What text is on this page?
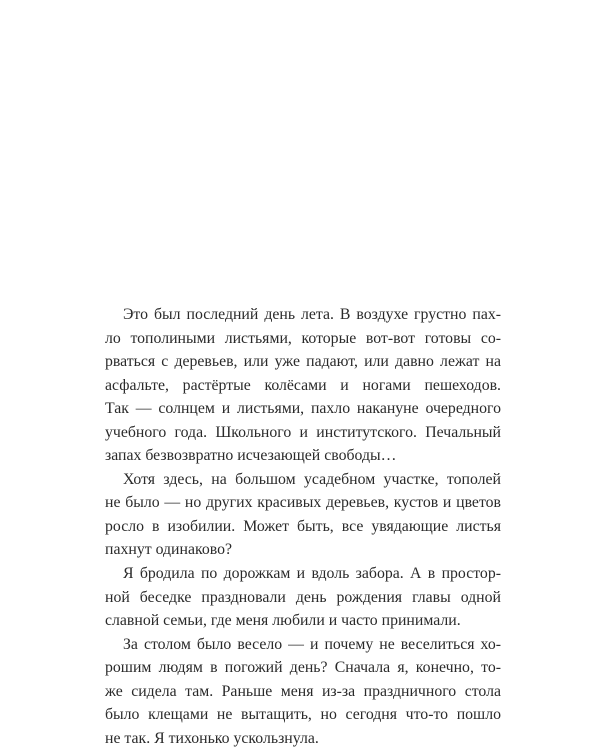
Это был последний день лета. В воздухе грустно пах-
ло тополиными листьями, которые вот-вот готовы со-
рваться с деревьев, или уже падают, или давно лежат на
асфальте, растёртые колёсами и ногами пешеходов.
Так — солнцем и листьями, пахло накануне очередного
учебного года. Школьного и институтского. Печальный
запах безвозвратно исчезающей свободы…
Хотя здесь, на большом усадебном участке, тополей
не было — но других красивых деревьев, кустов и цветов
росло в изобилии. Может быть, все увядающие листья
пахнут одинаково?
Я бродила по дорожкам и вдоль забора. А в простор-
ной беседке праздновали день рождения главы одной
славной семьи, где меня любили и часто принимали.
За столом было весело — и почему не веселиться хо-
рошим людям в погожий день? Сначала я, конечно, то-
же сидела там. Раньше меня из-за праздничного стола
было клещами не вытащить, но сегодня что-то пошло
не так. Я тихонько ускользнула.
